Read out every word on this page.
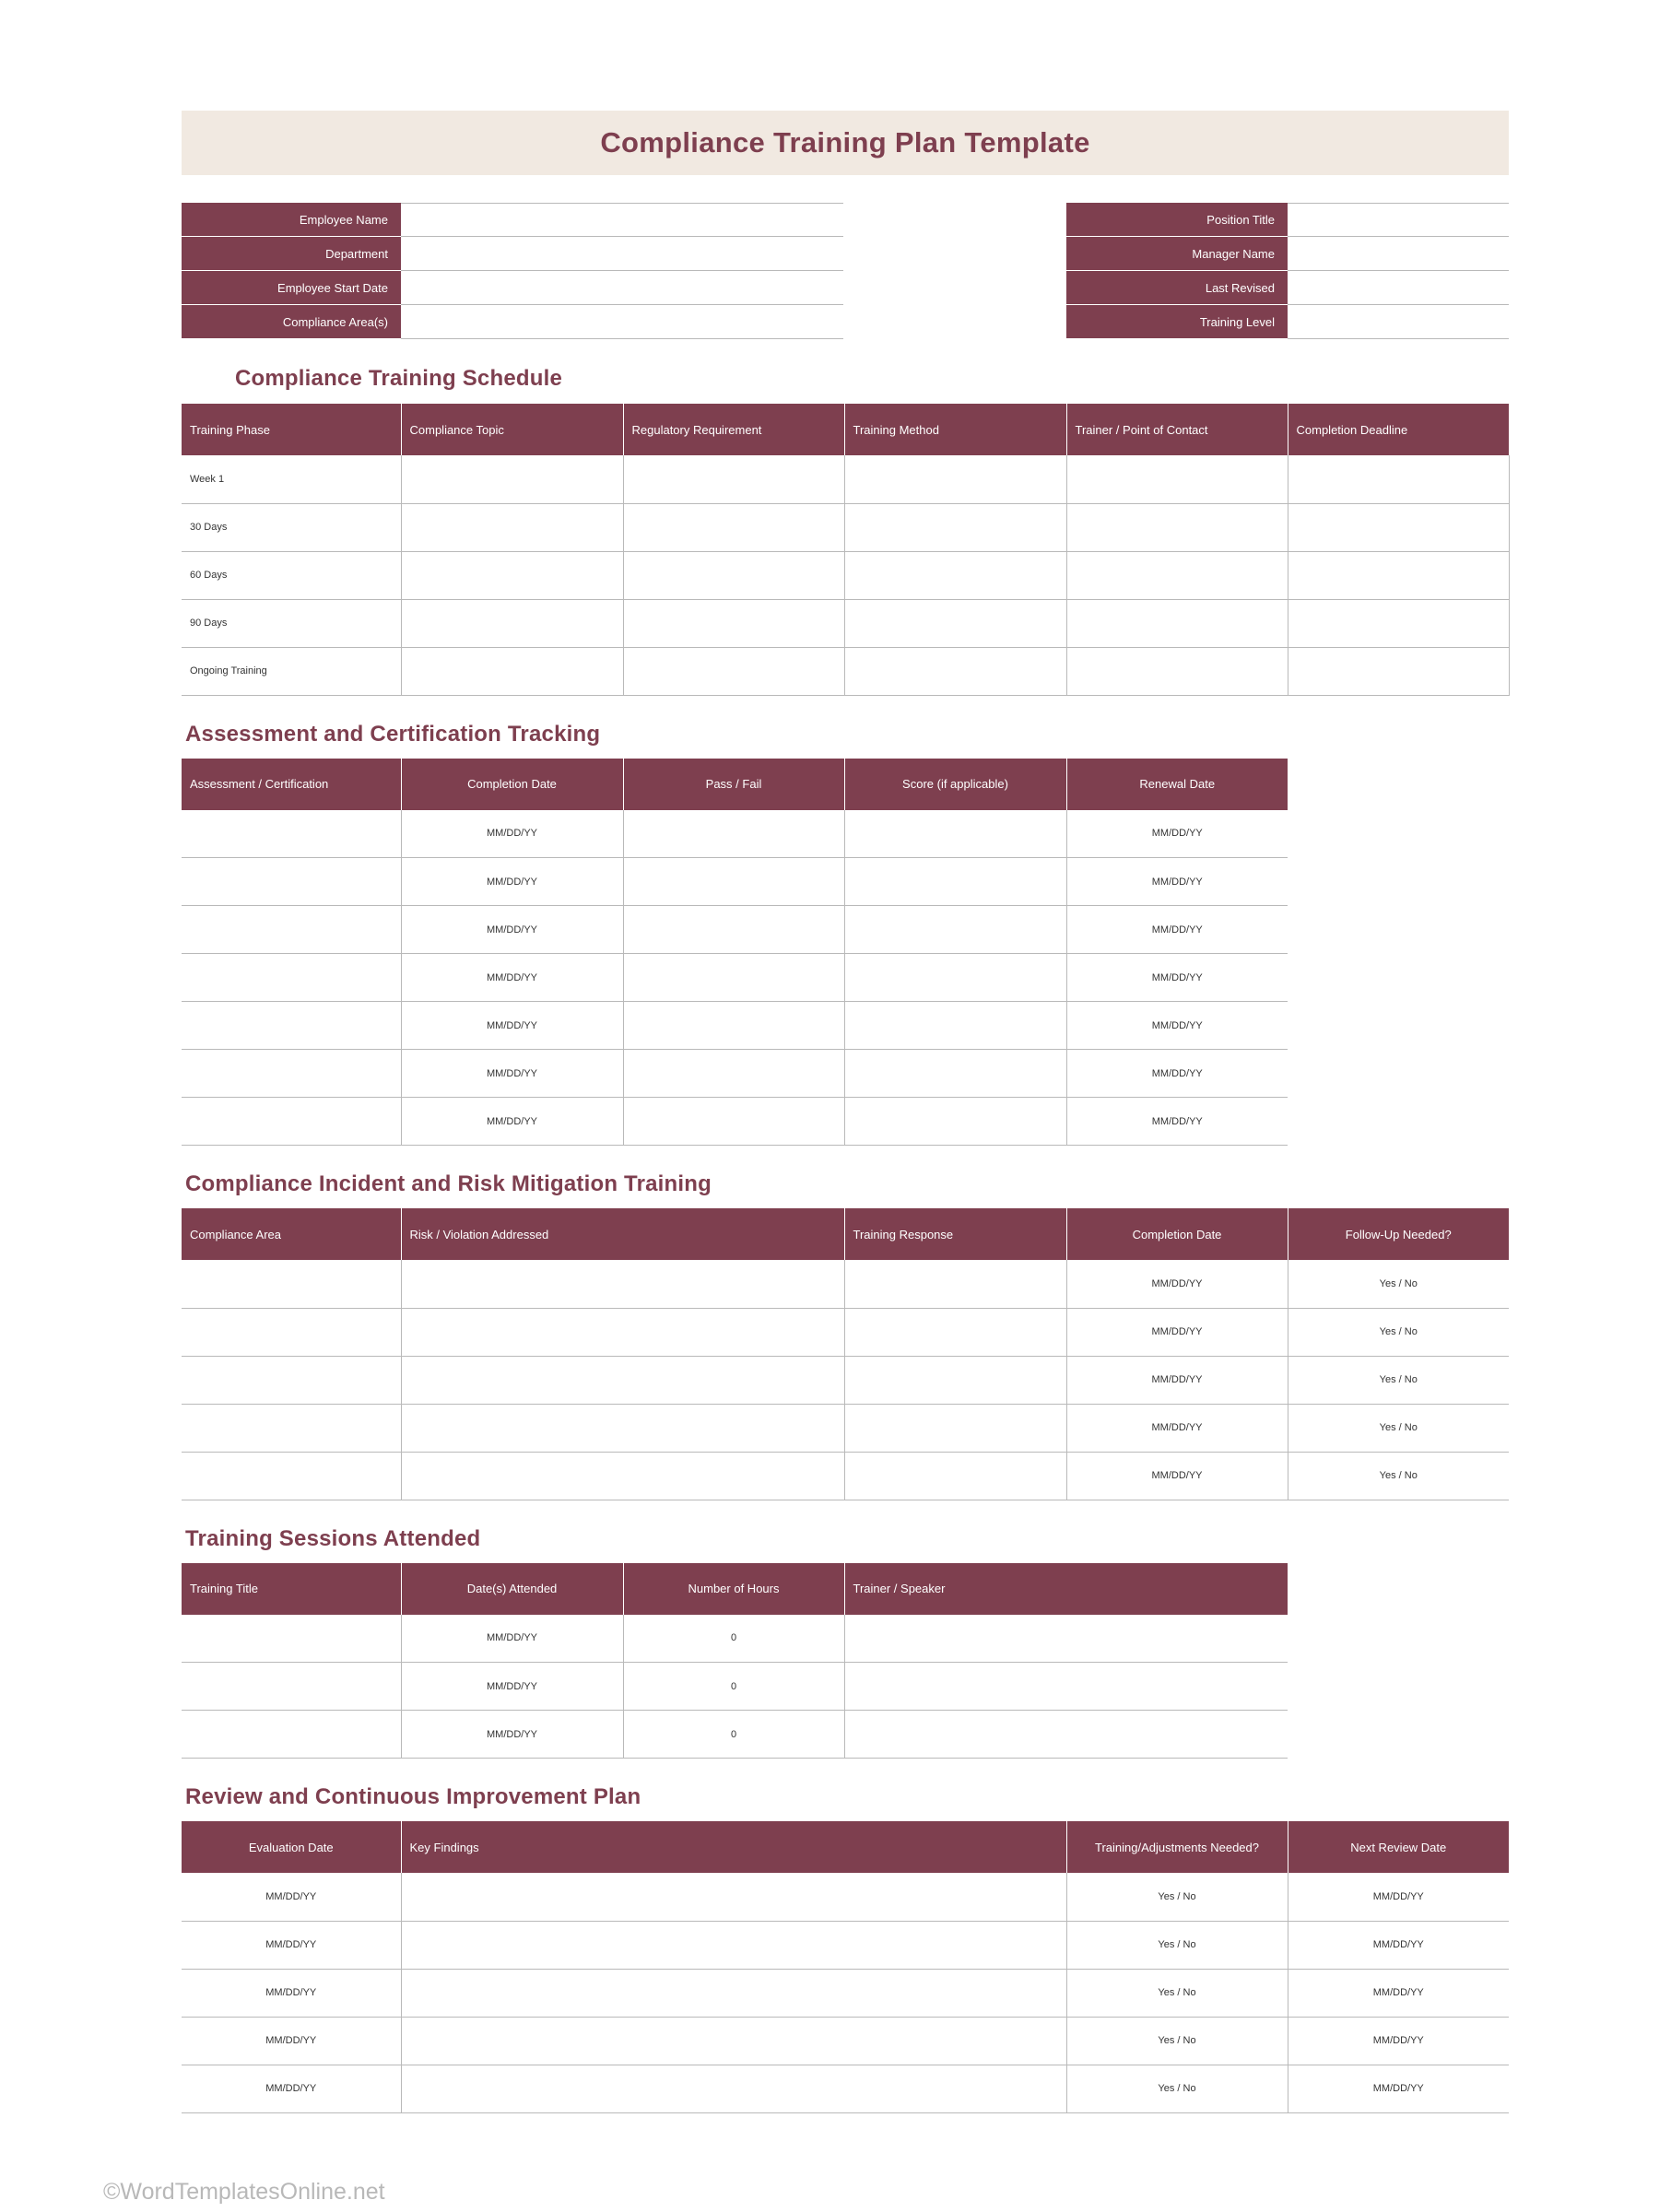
Compliance Training Plan Template
Employee Name
Department
Employee Start Date
Compliance Area(s)
Position Title
Manager Name
Last Revised
Training Level
Compliance Training Schedule
Training Phase	Compliance Topic	Regulatory Requirement	Training Method	Trainer / Point of Contact	Completion Deadline
Week 1					
30 Days					
60 Days					
90 Days					
Ongoing Training					
Assessment and Certification Tracking
Assessment / Certification	Completion Date	Pass / Fail	Score (if applicable)	Renewal Date
	MM/DD/YY			MM/DD/YY
	MM/DD/YY			MM/DD/YY
	MM/DD/YY			MM/DD/YY
	MM/DD/YY			MM/DD/YY
	MM/DD/YY			MM/DD/YY
	MM/DD/YY			MM/DD/YY
	MM/DD/YY			MM/DD/YY
Compliance Incident and Risk Mitigation Training
Compliance Area	Risk / Violation Addressed	Training Response	Completion Date	Follow-Up Needed?
			MM/DD/YY	Yes / No
			MM/DD/YY	Yes / No
			MM/DD/YY	Yes / No
			MM/DD/YY	Yes / No
			MM/DD/YY	Yes / No
Training Sessions Attended
Training Title	Date(s) Attended	Number of Hours	Trainer / Speaker
	MM/DD/YY	0	
	MM/DD/YY	0	
	MM/DD/YY	0	
Review and Continuous Improvement Plan
Evaluation Date	Key Findings	Training/Adjustments Needed?	Next Review Date
MM/DD/YY		Yes / No	MM/DD/YY
MM/DD/YY		Yes / No	MM/DD/YY
MM/DD/YY		Yes / No	MM/DD/YY
MM/DD/YY		Yes / No	MM/DD/YY
MM/DD/YY		Yes / No	MM/DD/YY
©WordTemplatesOnline.net
